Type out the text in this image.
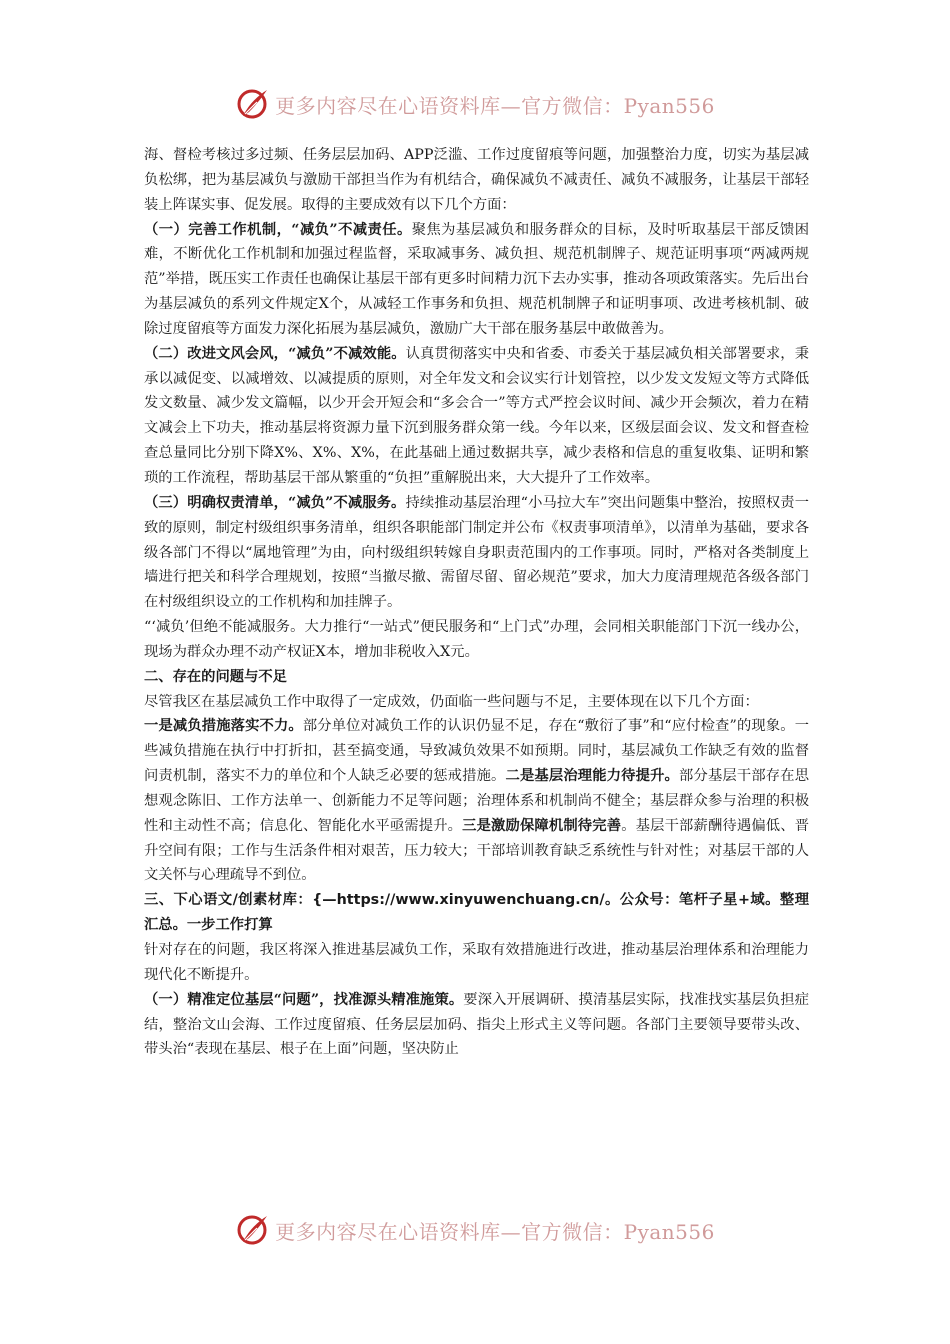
更多内容尽在心语资料库—官方微信：Pyan556

海、督检考核过多过频、任务层层加码、APP泛滥、工作过度留痕等问题，加强整治力度，切实为基层减负松绑，把为基层减负与激励干部担当作为有机结合，确保减负不减责任、减负不减服务，让基层干部轻装上阵谋实事、促发展。取得的主要成效有以下几个方面：

（一）完善工作机制，“减负”不减责任。聚焦为基层减负和服务群众的目标，及时听取基层干部反馈困难，不断优化工作机制和加强过程监督，采取减事务、减负担、规范机制牌子、规范证明事项“两减两规范”举措，既压实工作责任也确保让基层干部有更多时间精力沉下去办实事，推动各项政策落实。先后出台为基层减负的系列文件规定X个，从减轻工作事务和负担、规范机制牌子和证明事项、改进考核机制、破除过度留痕等方面发力深化拓展为基层减负，激励广大干部在服务基层中敢做善为。

（二）改进文风会风，“减负”不减效能。认真贯彻落实中央和省委、市委关于基层减负相关部署要求，秉承以减促变、以减增效、以减提质的原则，对全年发文和会议实行计划管控，以少发文发短文等方式降低发文数量、减少发文篇幅，以少开会开短会和“多会合一”等方式严控会议时间、减少开会频次，着力在精文减会上下功夫，推动基层将资源力量下沉到服务群众第一线。今年以来，区级层面会议、发文和督查检查总量同比分别下降X%、X%、X%，在此基础上通过数据共享，减少表格和信息的重复收集、证明和繁琐的工作流程，帮助基层干部从繁重的“负担”重解脱出来，大大提升了工作效率。

（三）明确权责清单，“减负”不减服务。持续推动基层治理“小马拉大车”突出问题集中整治，按照权责一致的原则，制定村级组织事务清单，组织各职能部门制定并公布《权责事项清单》，以清单为基础，要求各级各部门不得以“属地管理”为由，向村级组织转嫁自身职责范围内的工作事项。同时，严格对各类制度上墙进行把关和科学合理规划，按照“当撤尽撤、需留尽留、留必规范”要求，加大力度清理规范各级各部门在村级组织设立的工作机构和加挂牌子。

“‘减负’但绝不能减服务。大力推行“一站式”便民服务和“上门式”办理，会同相关职能部门下沉一线办公，现场为群众办理不动产权证X本，增加非税收入X元。

二、存在的问题与不足

尽管我区在基层减负工作中取得了一定成效，仍面临一些问题与不足，主要体现在以下几个方面：

一是减负措施落实不力。部分单位对减负工作的认识仍显不足，存在“敷衍了事”和“应付检查”的现象。一些减负措施在执行中打折扣，甚至搞变通，导致减负效果不如预期。同时，基层减负工作缺乏有效的监督问责机制，落实不力的单位和个人缺乏必要的惩戒措施。二是基层治理能力待提升。部分基层干部存在思想观念陈旧、工作方法单一、创新能力不足等问题；治理体系和机制尚不健全；基层群众参与治理的积极性和主动性不高；信息化、智能化水平亟需提升。三是激励保障机制待完善。基层干部薪酬待遇偏低、晋升空间有限；工作与生活条件相对艰苦，压力较大；干部培训教育缺乏系统性与针对性；对基层干部的人文关怀与心理疏导不到位。

三、下心语文/创素材库：{—https://www.xinyuwenchuang.cn/。公众号：笔杆子星+域。整理汇总。一步工作打算

针对存在的问题，我区将深入推进基层减负工作，采取有效措施进行改进，推动基层治理体系和治理能力现代化不断提升。

（一）精准定位基层“问题”，找准源头精准施策。要深入开展调研、摸清基层实际，找准找实基层负担症结，整治文山会海、工作过度留痕、任务层层加码、指尖上形式主义等问题。各部门主要领导要带头改、带头治“表现在基层、根子在上面”问题，坚决防止

更多内容尽在心语资料库—官方微信：Pyan556
